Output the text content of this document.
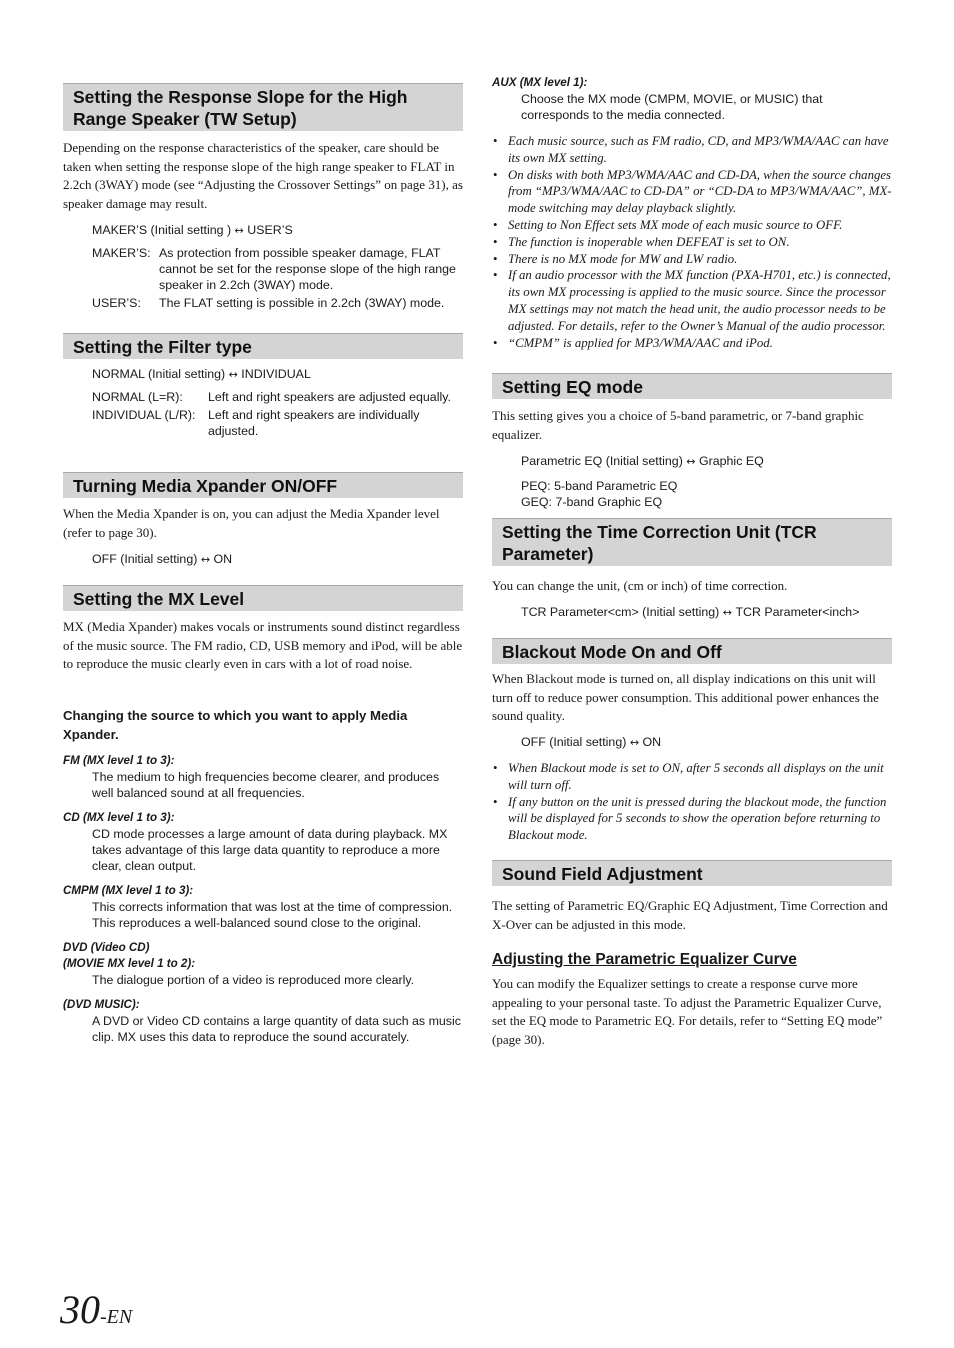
Setting the Response Slope for the High Range Speaker (TW Setup)
Depending on the response characteristics of the speaker, care should be taken when setting the response slope of the high range speaker to FLAT in 2.2ch (3WAY) mode (see “Adjusting the Crossover Settings” on page 31), as speaker damage may result.
MAKER’S (Initial setting ) ↔ USER’S
MAKER’S: As protection from possible speaker damage, FLAT cannot be set for the response slope of the high range speaker in 2.2ch (3WAY) mode.
USER’S:	The FLAT setting is possible in 2.2ch (3WAY) mode.
Setting the Filter type
NORMAL (Initial setting) ↔ INDIVIDUAL
NORMAL (L=R):	Left and right speakers are adjusted equally.
INDIVIDUAL (L/R):	Left and right speakers are individually adjusted.
Turning Media Xpander ON/OFF
When the Media Xpander is on, you can adjust the Media Xpander level (refer to page 30).
OFF (Initial setting) ↔ ON
Setting the MX Level
MX (Media Xpander) makes vocals or instruments sound distinct regardless of the music source. The FM radio, CD, USB memory and iPod, will be able to reproduce the music clearly even in cars with a lot of road noise.
Changing the source to which you want to apply Media Xpander.
FM (MX level 1 to 3):
The medium to high frequencies become clearer, and produces well balanced sound at all frequencies.
CD (MX level 1 to 3):
CD mode processes a large amount of data during playback. MX takes advantage of this large data quantity to reproduce a more clear, clean output.
CMPM (MX level 1 to 3):
This corrects information that was lost at the time of compression. This reproduces a well-balanced sound close to the original.
DVD (Video CD)
(MOVIE MX level 1 to 2):
The dialogue portion of a video is reproduced more clearly.
(DVD MUSIC):
A DVD or Video CD contains a large quantity of data such as music clip. MX uses this data to reproduce the sound accurately.
AUX (MX level 1):
Choose the MX mode (CMPM, MOVIE, or MUSIC) that corresponds to the media connected.
• Each music source, such as FM radio, CD, and MP3/WMA/AAC can have its own MX setting.
• On disks with both MP3/WMA/AAC and CD-DA, when the source changes from “MP3/WMA/AAC to CD-DA” or “CD-DA to MP3/WMA/AAC”, MX-mode switching may delay playback slightly.
• Setting to Non Effect sets MX mode of each music source to OFF.
• The function is inoperable when DEFEAT is set to ON.
• There is no MX mode for MW and LW radio.
• If an audio processor with the MX function (PXA-H701, etc.) is connected, its own MX processing is applied to the music source. Since the processor MX settings may not match the head unit, the audio processor needs to be adjusted. For details, refer to the Owner’s Manual of the audio processor.
• “CMPM” is applied for MP3/WMA/AAC and iPod.
Setting EQ mode
This setting gives you a choice of 5-band parametric, or 7-band graphic equalizer.
Parametric EQ (Initial setting) ↔ Graphic EQ
PEQ: 5-band Parametric EQ
GEQ: 7-band Graphic EQ
Setting the Time Correction Unit (TCR Parameter)
You can change the unit, (cm or inch) of time correction.
TCR Parameter<cm> (Initial setting) ↔ TCR Parameter<inch>
Blackout Mode On and Off
When Blackout mode is turned on, all display indications on this unit will turn off to reduce power consumption. This additional power enhances the sound quality.
OFF (Initial setting) ↔ ON
• When Blackout mode is set to ON, after 5 seconds all displays on the unit will turn off.
• If any button on the unit is pressed during the blackout mode, the function will be displayed for 5 seconds to show the operation before returning to Blackout mode.
Sound Field Adjustment
The setting of Parametric EQ/Graphic EQ Adjustment, Time Correction and X-Over can be adjusted in this mode.
Adjusting the Parametric Equalizer Curve
You can modify the Equalizer settings to create a response curve more appealing to your personal taste. To adjust the Parametric Equalizer Curve, set the EQ mode to Parametric EQ. For details, refer to “Setting EQ mode” (page 30).
30-EN
